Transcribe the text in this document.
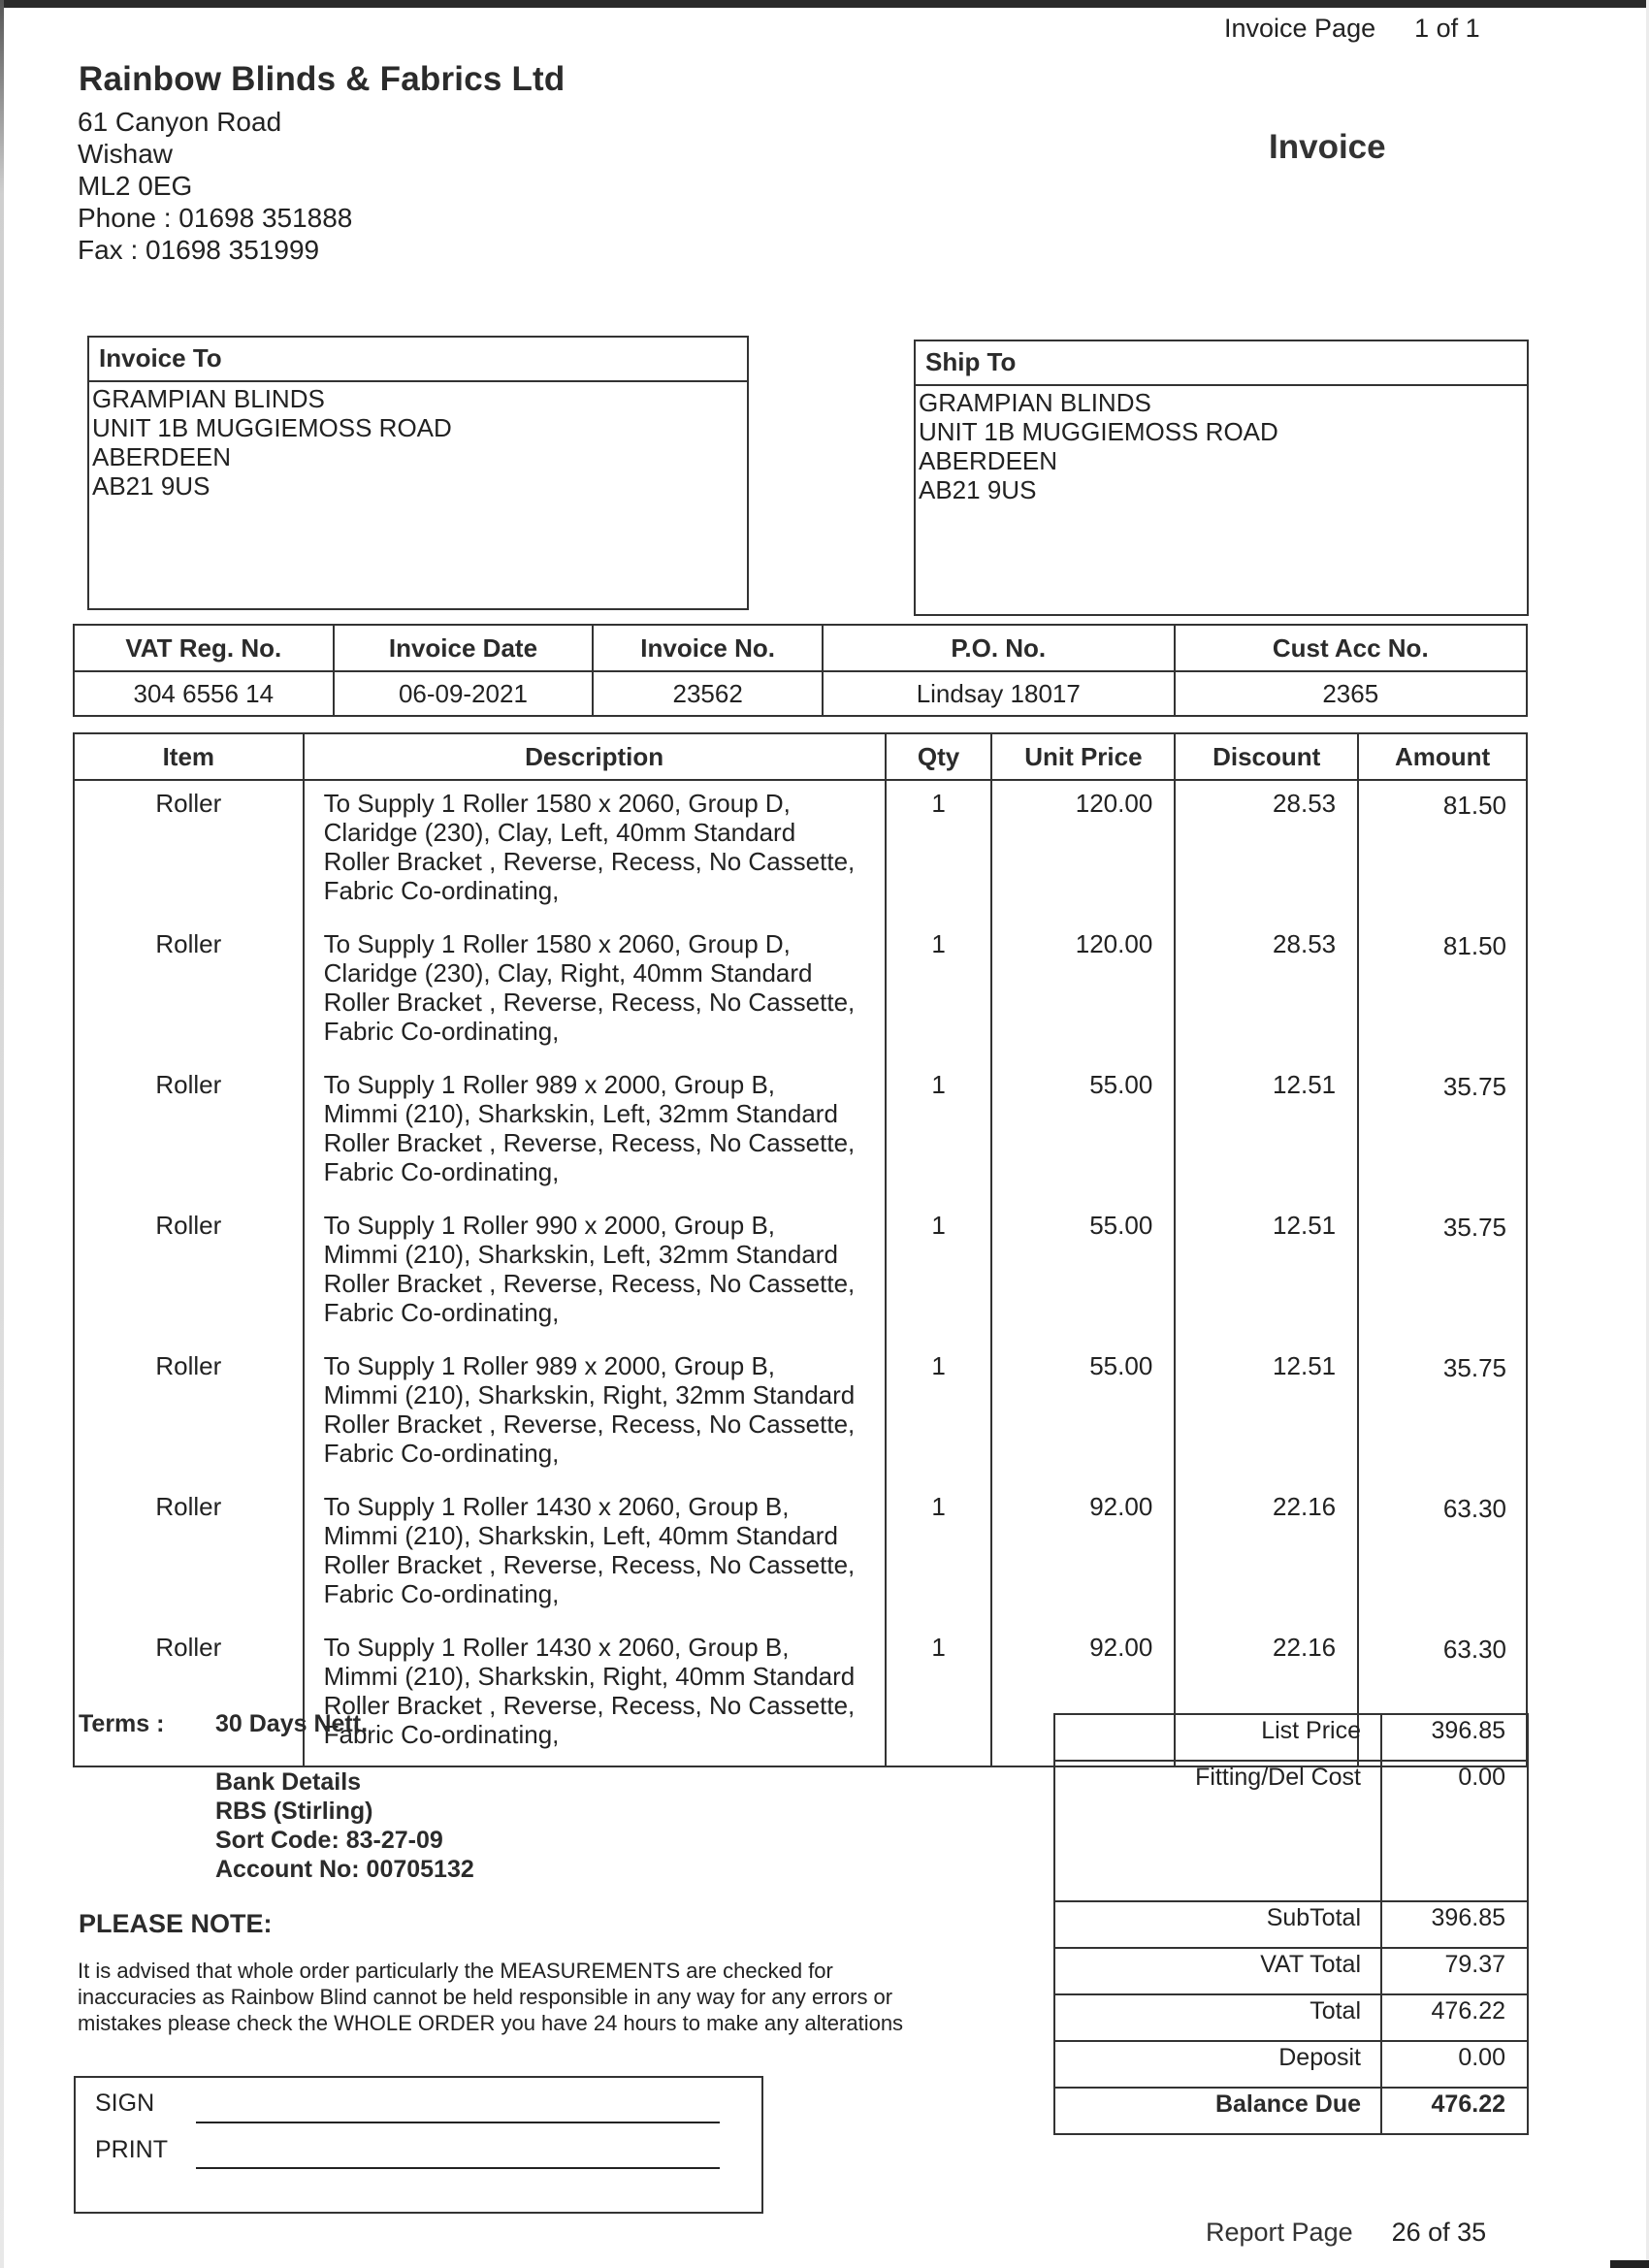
Rainbow Blinds & Fabrics Ltd
61 Canyon Road
Wishaw
ML2 0EG
Phone : 01698 351888
Fax : 01698 351999
Invoice Page 1 of 1
Invoice
Invoice To
GRAMPIAN BLINDS
UNIT 1B MUGGIEMOSS ROAD
ABERDEEN
AB21 9US
Ship To
GRAMPIAN BLINDS
UNIT 1B MUGGIEMOSS ROAD
ABERDEEN
AB21 9US
VAT Reg. No.	Invoice Date	Invoice No.	P.O. No.	Cust Acc No.
304 6556 14	06-09-2021	23562	Lindsay 18017	2365
Item	Description	Qty	Unit Price	Discount	Amount
Roller	To Supply 1 Roller 1580 x 2060, Group D,
Claridge (230), Clay, Left, 40mm Standard
Roller Bracket , Reverse, Recess, No Cassette,
Fabric Co-ordinating,	1	120.00	28.53	81.50
Roller	To Supply 1 Roller 1580 x 2060, Group D,
Claridge (230), Clay, Right, 40mm Standard
Roller Bracket , Reverse, Recess, No Cassette,
Fabric Co-ordinating,	1	120.00	28.53	81.50
Roller	To Supply 1 Roller 989 x 2000, Group B,
Mimmi (210), Sharkskin, Left, 32mm Standard
Roller Bracket , Reverse, Recess, No Cassette,
Fabric Co-ordinating,	1	55.00	12.51	35.75
Roller	To Supply 1 Roller 990 x 2000, Group B,
Mimmi (210), Sharkskin, Left, 32mm Standard
Roller Bracket , Reverse, Recess, No Cassette,
Fabric Co-ordinating,	1	55.00	12.51	35.75
Roller	To Supply 1 Roller 989 x 2000, Group B,
Mimmi (210), Sharkskin, Right, 32mm Standard
Roller Bracket , Reverse, Recess, No Cassette,
Fabric Co-ordinating,	1	55.00	12.51	35.75
Roller	To Supply 1 Roller 1430 x 2060, Group B,
Mimmi (210), Sharkskin, Left, 40mm Standard
Roller Bracket , Reverse, Recess, No Cassette,
Fabric Co-ordinating,	1	92.00	22.16	63.30
Roller	To Supply 1 Roller 1430 x 2060, Group B,
Mimmi (210), Sharkskin, Right, 40mm Standard
Roller Bracket , Reverse, Recess, No Cassette,
Fabric Co-ordinating,	1	92.00	22.16	63.30
Terms : 30 Days Nett.
Bank Details
RBS (Stirling)
Sort Code: 83-27-09
Account No: 00705132
PLEASE NOTE:
It is advised that whole order particularly the MEASUREMENTS are checked for
inaccuracies as Rainbow Blind cannot be held responsible in any way for any errors or
mistakes please check the WHOLE ORDER you have 24 hours to make any alterations
List Price	396.85
Fitting/Del Cost	0.00
SubTotal	396.85
VAT Total	79.37
Total	476.22
Deposit	0.00
Balance Due	476.22
SIGN
PRINT
Report Page 26 of 35
